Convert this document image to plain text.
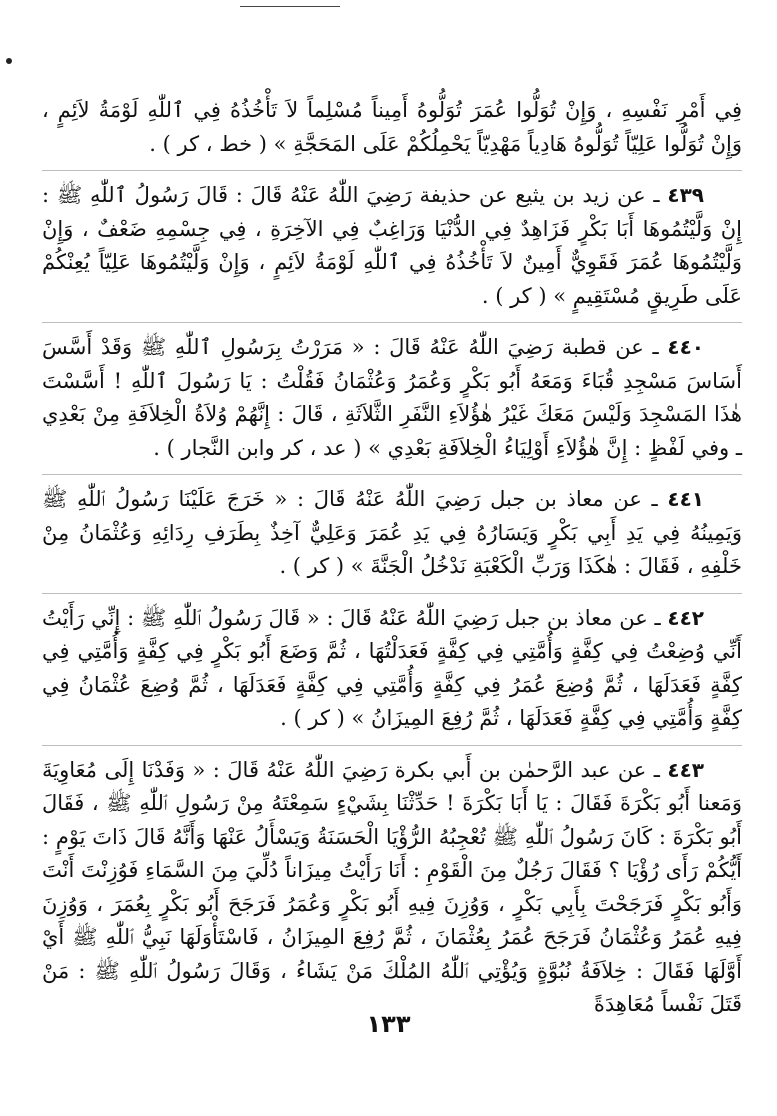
فِي أَمْرِ نَفْسِهِ ، وَإِنْ تُوَلُّوا عُمَرَ تُوَلُّوهُ أَمِيناً مُسْلِماً لاَ تَأْخُذُهُ فِي ٱللّٰهِ لَوْمَةُ لاَئِمٍ ، وَإِنْ تُوَلُّوا عَلِيّاً تُوَلُّوهُ هَادِياً مَهْدِيّاً يَحْمِلُكُمْ عَلَى المَحَجَّةِ » ( خط ، كر ) .

٤٣٩ ـ عن زيد بن يثيع عن حذيفة رَضِيَ اللّٰهُ عَنْهُ قَالَ : قَالَ رَسُولُ ٱللّٰهِ ﷺ : إِنْ وَلَّيْتُمُوهَا أَبَا بَكْرٍ فَزَاهِدٌ فِي الدُّنْيَا وَرَاغِبٌ فِي الآخِرَةِ ، فِي جِسْمِهِ ضَعْفٌ ، وَإِنْ وَلَّيْتُمُوهَا عُمَرَ فَقَوِيٌّ أَمِينٌ لاَ تَأْخُذُهُ فِي ٱللّٰهِ لَوْمَةُ لاَئِمٍ ، وَإِنْ وَلَّيْتُمُوهَا عَلِيّاً يُعِنْكُمْ عَلَى طَرِيقٍ مُسْتَقِيمٍ » ( كر ) .

٤٤٠ ـ عن قطبة رَضِيَ اللّٰهُ عَنْهُ قَالَ : « مَرَرْتُ بِرَسُولِ ٱللّٰهِ ﷺ وَقَدْ أَسَّسَ أَسَاسَ مَسْجِدِ قُبَاءَ وَمَعَهُ أَبُو بَكْرٍ وَعُمَرُ وَعُثْمَانُ فَقُلْتُ : يَا رَسُولَ ٱللّٰهِ ! أَسَّسْتَ هٰذَا المَسْجِدَ وَلَيْسَ مَعَكَ غَيْرُ هٰؤُلاَءِ النَّفَرِ الثَّلاَثَةِ ، قَالَ : إِنَّهُمْ وُلاَةُ الْخِلاَفَةِ مِنْ بَعْدِي ـ وفي لَفْظٍ : إِنَّ هٰؤُلاَءِ أَوْلِيَاءُ الْخِلاَفَةِ بَعْدِي » ( عد ، كر وابن النَّجار ) .

٤٤١ ـ عن معاذ بن جبل رَضِيَ اللّٰهُ عَنْهُ قَالَ : « خَرَجَ عَلَيْنَا رَسُولُ ٱللّٰهِ ﷺ وَيَمِينُهُ فِي يَدِ أَبِي بَكْرٍ وَيَسَارُهُ فِي يَدِ عُمَرَ وَعَلِيٌّ آخِذٌ بِطَرَفِ رِدَائِهِ وَعُثْمَانُ مِنْ خَلْفِهِ ، فَقَالَ : هٰكَذَا وَرَبِّ الْكَعْبَةِ نَدْخُلُ الْجَنَّةَ » ( كر ) .

٤٤٢ ـ عن معاذ بن جبل رَضِيَ اللّٰهُ عَنْهُ قَالَ : « قَالَ رَسُولُ ٱللّٰهِ ﷺ : إِنِّي رَأَيْتُ أَنِّي وُضِعْتُ فِي كِفَّةٍ وَأُمَّتِي فِي كِفَّةٍ فَعَدَلْتُهَا ، ثُمَّ وَضَعَ أَبُو بَكْرٍ فِي كِفَّةٍ وَأُمَّتِي فِي كِفَّةٍ فَعَدَلَهَا ، ثُمَّ وُضِعَ عُمَرُ فِي كِفَّةٍ وَأُمَّتِي فِي كِفَّةٍ فَعَدَلَهَا ، ثُمَّ وُضِعَ عُثْمَانُ فِي كِفَّةٍ وَأُمَّتِي فِي كِفَّةٍ فَعَدَلَهَا ، ثُمَّ رُفِعَ المِيزَانُ » ( كر ) .

٤٤٣ ـ عن عبد الرَّحمٰن بن أَبي بكرة رَضِيَ اللّٰهُ عَنْهُ قَالَ : « وَفَدْنَا إِلَى مُعَاوِيَةَ وَمَعنا أَبُو بَكْرَةَ فَقَالَ : يَا أَبَا بَكْرَةَ ! حَدِّثْنَا بِشَيْءٍ سَمِعْتَهُ مِنْ رَسُولِ ٱللّٰهِ ﷺ ، فَقَالَ أَبُو بَكْرَةَ : كَانَ رَسُولُ ٱللّٰهِ ﷺ تُعْجِبُهُ الرُّؤْيَا الْحَسَنَةُ وَيَسْأَلُ عَنْهَا وَأَنَّهُ قَالَ ذَاتَ يَوْمٍ : أَيُّكُمْ رَأَى رُؤْيَا ؟ فَقَالَ رَجُلٌ مِنَ الْقَوْمِ : أَنَا رَأَيْتُ مِيزَاناً دُلِّيَ مِنَ السَّمَاءِ فَوُزِنْتَ أَنْتَ وَأَبُو بَكْرٍ فَرَجَحْتَ بِأَبِي بَكْرٍ ، وَوُزِنَ فِيهِ أَبُو بَكْرٍ وَعُمَرُ فَرَجَحَ أَبُو بَكْرٍ بِعُمَرَ ، وَوُزِنَ فِيهِ عُمَرُ وَعُثْمَانُ فَرَجَحَ عُمَرُ بِعُثْمَانَ ، ثُمَّ رُفِعَ المِيزَانُ ، فَاسْتَأْوَلَهَا نَبِيُّ ٱللّٰهِ ﷺ أَيْ أَوَّلَهَا فَقَالَ : خِلاَفَةُ نُبُوَّةٍ وَيُؤْتِي ٱللّٰهُ المُلْكَ مَنْ يَشَاءُ ، وَقَالَ رَسُولُ ٱللّٰهِ ﷺ : مَنْ قَتَلَ نَفْساً مُعَاهِدَةً

١٣٣
